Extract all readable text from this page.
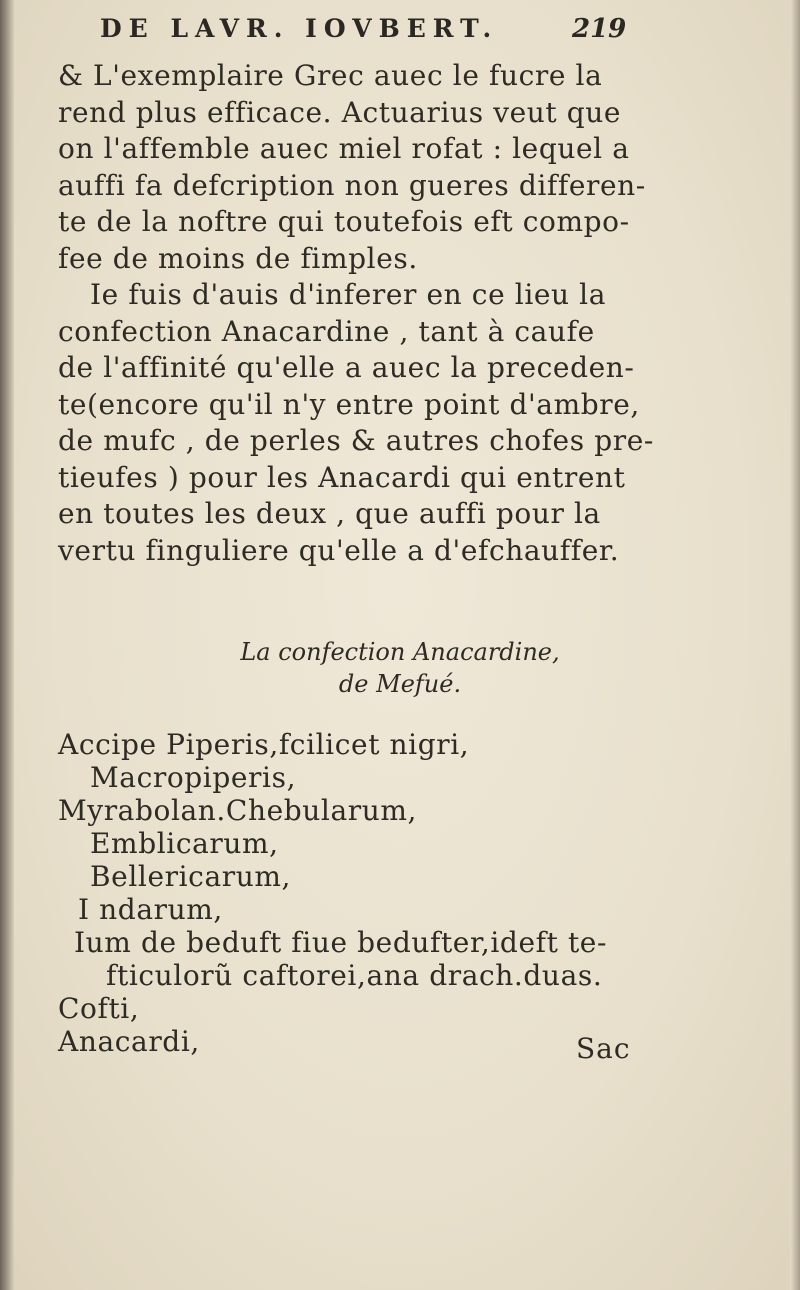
DE LAVR. IOVBERT.	219
& L'exemplaire Grec auec le fucre la
rend plus efficace. Actuarius veut que
on l'affemble auec miel rofat : lequel a
auffi fa defcription non gueres differen-
te de la noftre qui toutefois eft compo-
fee de moins de fimples.
Ie fuis d'auis d'inferer en ce lieu la
confection Anacardine , tant à caufe
de l'affinité qu'elle a auec la preceden-
te(encore qu'il n'y entre point d'ambre,
de mufc , de perles & autres chofes pre-
tieufes ) pour les Anacardi qui entrent
en toutes les deux , que auffi pour la
vertu finguliere qu'elle a d'efchauffer.
La confection Anacardine,
de Mefué.
Accipe Piperis,fcilicet nigri,
Macropiperis,
Myrabolan.Chebularum,
Emblicarum,
Bellericarum,
I ndarum,
Ium de beduft fiue bedufter,ideft te-
fticulorũ caftorei,ana drach.duas.
Cofti,
Anacardi,	Sac
